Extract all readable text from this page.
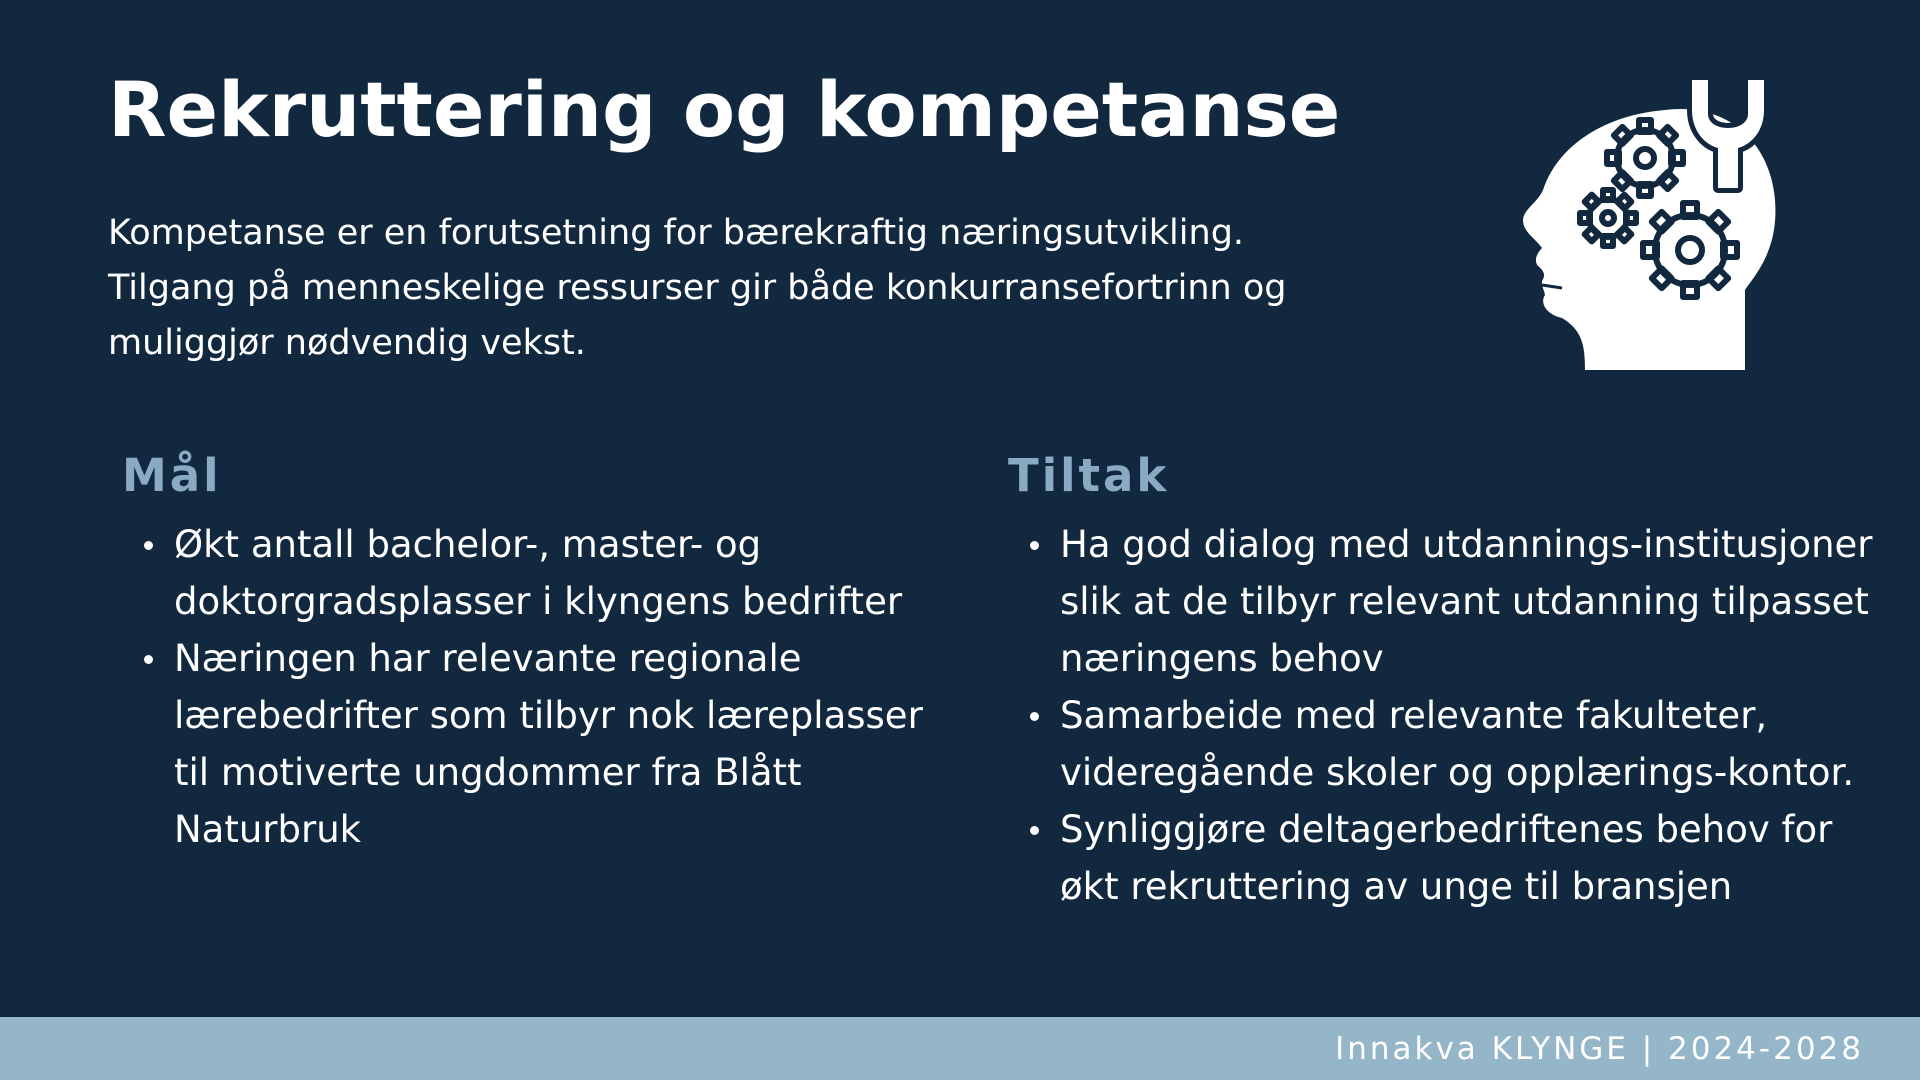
Rekruttering og kompetanse

Kompetanse er en forutsetning for bærekraftig næringsutvikling. Tilgang på menneskelige ressurser gir både konkurransefortrinn og muliggjør nødvendig vekst.

Mål
Økt antall bachelor-, master- og doktorgradsplasser i klyngens bedrifter
Næringen har relevante regionale lærebedrifter som tilbyr nok læreplasser til motiverte ungdommer fra Blått Naturbruk
Tiltak
Ha god dialog med utdannings-institusjoner slik at de tilbyr relevant utdanning tilpasset næringens behov
Samarbeide med relevante fakulteter, videregående skoler og opplærings-kontor.
Synliggjøre deltagerbedriftenes behov for økt rekruttering av unge til bransjen
Innakva KLYNGE | 2024-2028
